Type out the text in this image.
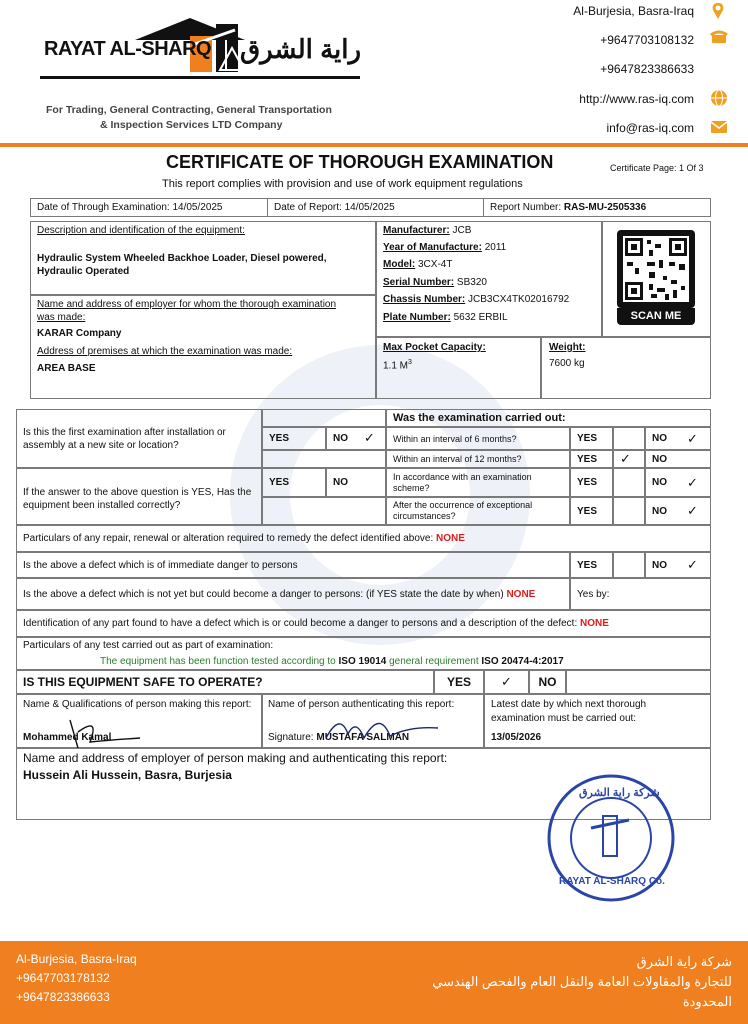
RAYAT AL-SHARQ راية الشرق
For Trading, General Contracting, General Transportation
& Inspection Services LTD Company
Al-Burjesia, Basra-Iraq
+9647703108132
+9647823386633
http://www.ras-iq.com
info@ras-iq.com
CERTIFICATE OF THOROUGH EXAMINATION	Certificate Page: 1 Of 3
This report complies with provision and use of work equipment regulations
Date of Through Examination: 14/05/2025	Date of Report: 14/05/2025	Report Number:
RAS-MU-2505336
Description and identification of the equipment:
Hydraulic System Wheeled Backhoe Loader, Diesel powered, Hydraulic Operated
Name and address of employer for whom the thorough examination was made:
KARAR Company
Address of premises at which the examination was made:
AREA BASE
Manufacturer: JCB
Year of Manufacture: 2011
Model: 3CX-4T
Serial Number: SB320
Chassis Number: JCB3CX4TK02016792
Plate Number: 5632 ERBIL	SCAN ME
Max Pocket Capacity:
1.1 $M^3$
Weight:
7600 kg
Is this the first examination after installation or assembly at a new site or location?
YES	NO	✓
If the answer to the above question is YES, Has the equipment been installed correctly?
YES	NO
Was the examination carried out:
Within an interval of 6 months?	YES	NO	✓
Within an interval of 12 months?	YES	✓	NO
In accordance with an examination scheme?	YES	NO	✓
After the occurrence of exceptional circumstances?	YES	NO	✓
Particulars of any repair, renewal or alteration required to remedy the defect identified above:
NONE
Is the above a defect which is of immediate danger to persons	YES	NO	✓
Is the above a defect which is not yet but could become a danger to persons: (if YES state the date by when) NONE	Yes by:
Identification of any part found to have a defect which is or could become a danger to persons and a description of the defect:
NONE
Particulars of any test carried out as part of examination:
The equipment has been function tested according to ISO 19014 general requirement ISO 20474-4:2017
IS THIS EQUIPMENT SAFE TO OPERATE?	YES	✓	NO
Name & Qualifications of person making this report:
Mohammed Kamal
Name of person authenticating this report:
Signature: MUSTAFA SALMAN
Latest date by which next thorough examination must be carried out:
13/05/2026
Name and address of employer of person making and authenticating this report:
Hussein Ali Hussein, Basra, Burjesia
شركة راية الشرق
RAYAT AL-SHARQ Co.
Al-Burjesia, Basra-Iraq
+9647703178132
+9647823386633
شركة راية الشرق
للتجارة والمقاولات العامة والنقل العام والفحص الهندسي
المحدودة
